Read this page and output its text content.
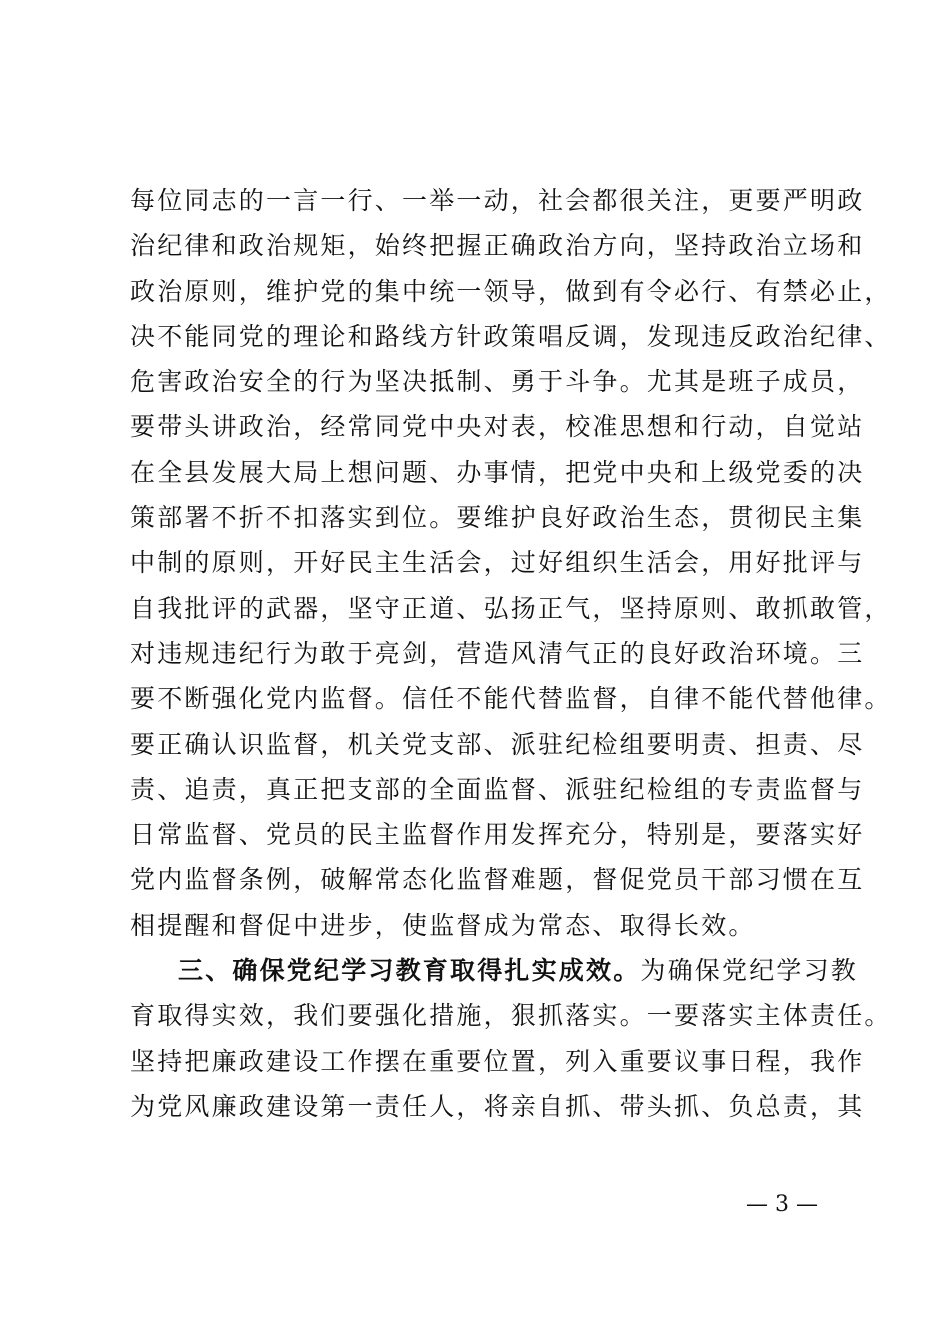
每位同志的一言一行、一举一动，社会都很关注，更要严明政
治纪律和政治规矩，始终把握正确政治方向，坚持政治立场和
政治原则，维护党的集中统一领导，做到有令必行、有禁必止，
决不能同党的理论和路线方针政策唱反调，发现违反政治纪律、
危害政治安全的行为坚决抵制、勇于斗争。尤其是班子成员，
要带头讲政治，经常同党中央对表，校准思想和行动，自觉站
在全县发展大局上想问题、办事情，把党中央和上级党委的决
策部署不折不扣落实到位。要维护良好政治生态，贯彻民主集
中制的原则，开好民主生活会，过好组织生活会，用好批评与
自我批评的武器，坚守正道、弘扬正气，坚持原则、敢抓敢管，
对违规违纪行为敢于亮剑，营造风清气正的良好政治环境。三
要不断强化党内监督。信任不能代替监督，自律不能代替他律。
要正确认识监督，机关党支部、派驻纪检组要明责、担责、尽
责、追责，真正把支部的全面监督、派驻纪检组的专责监督与
日常监督、党员的民主监督作用发挥充分，特别是，要落实好
党内监督条例，破解常态化监督难题，督促党员干部习惯在互
相提醒和督促中进步，使监督成为常态、取得长效。
三、确保党纪学习教育取得扎实成效。为确保党纪学习教
育取得实效，我们要强化措施，狠抓落实。一要落实主体责任。
坚持把廉政建设工作摆在重要位置，列入重要议事日程，我作
为党风廉政建设第一责任人，将亲自抓、带头抓、负总责，其
— 3 —
